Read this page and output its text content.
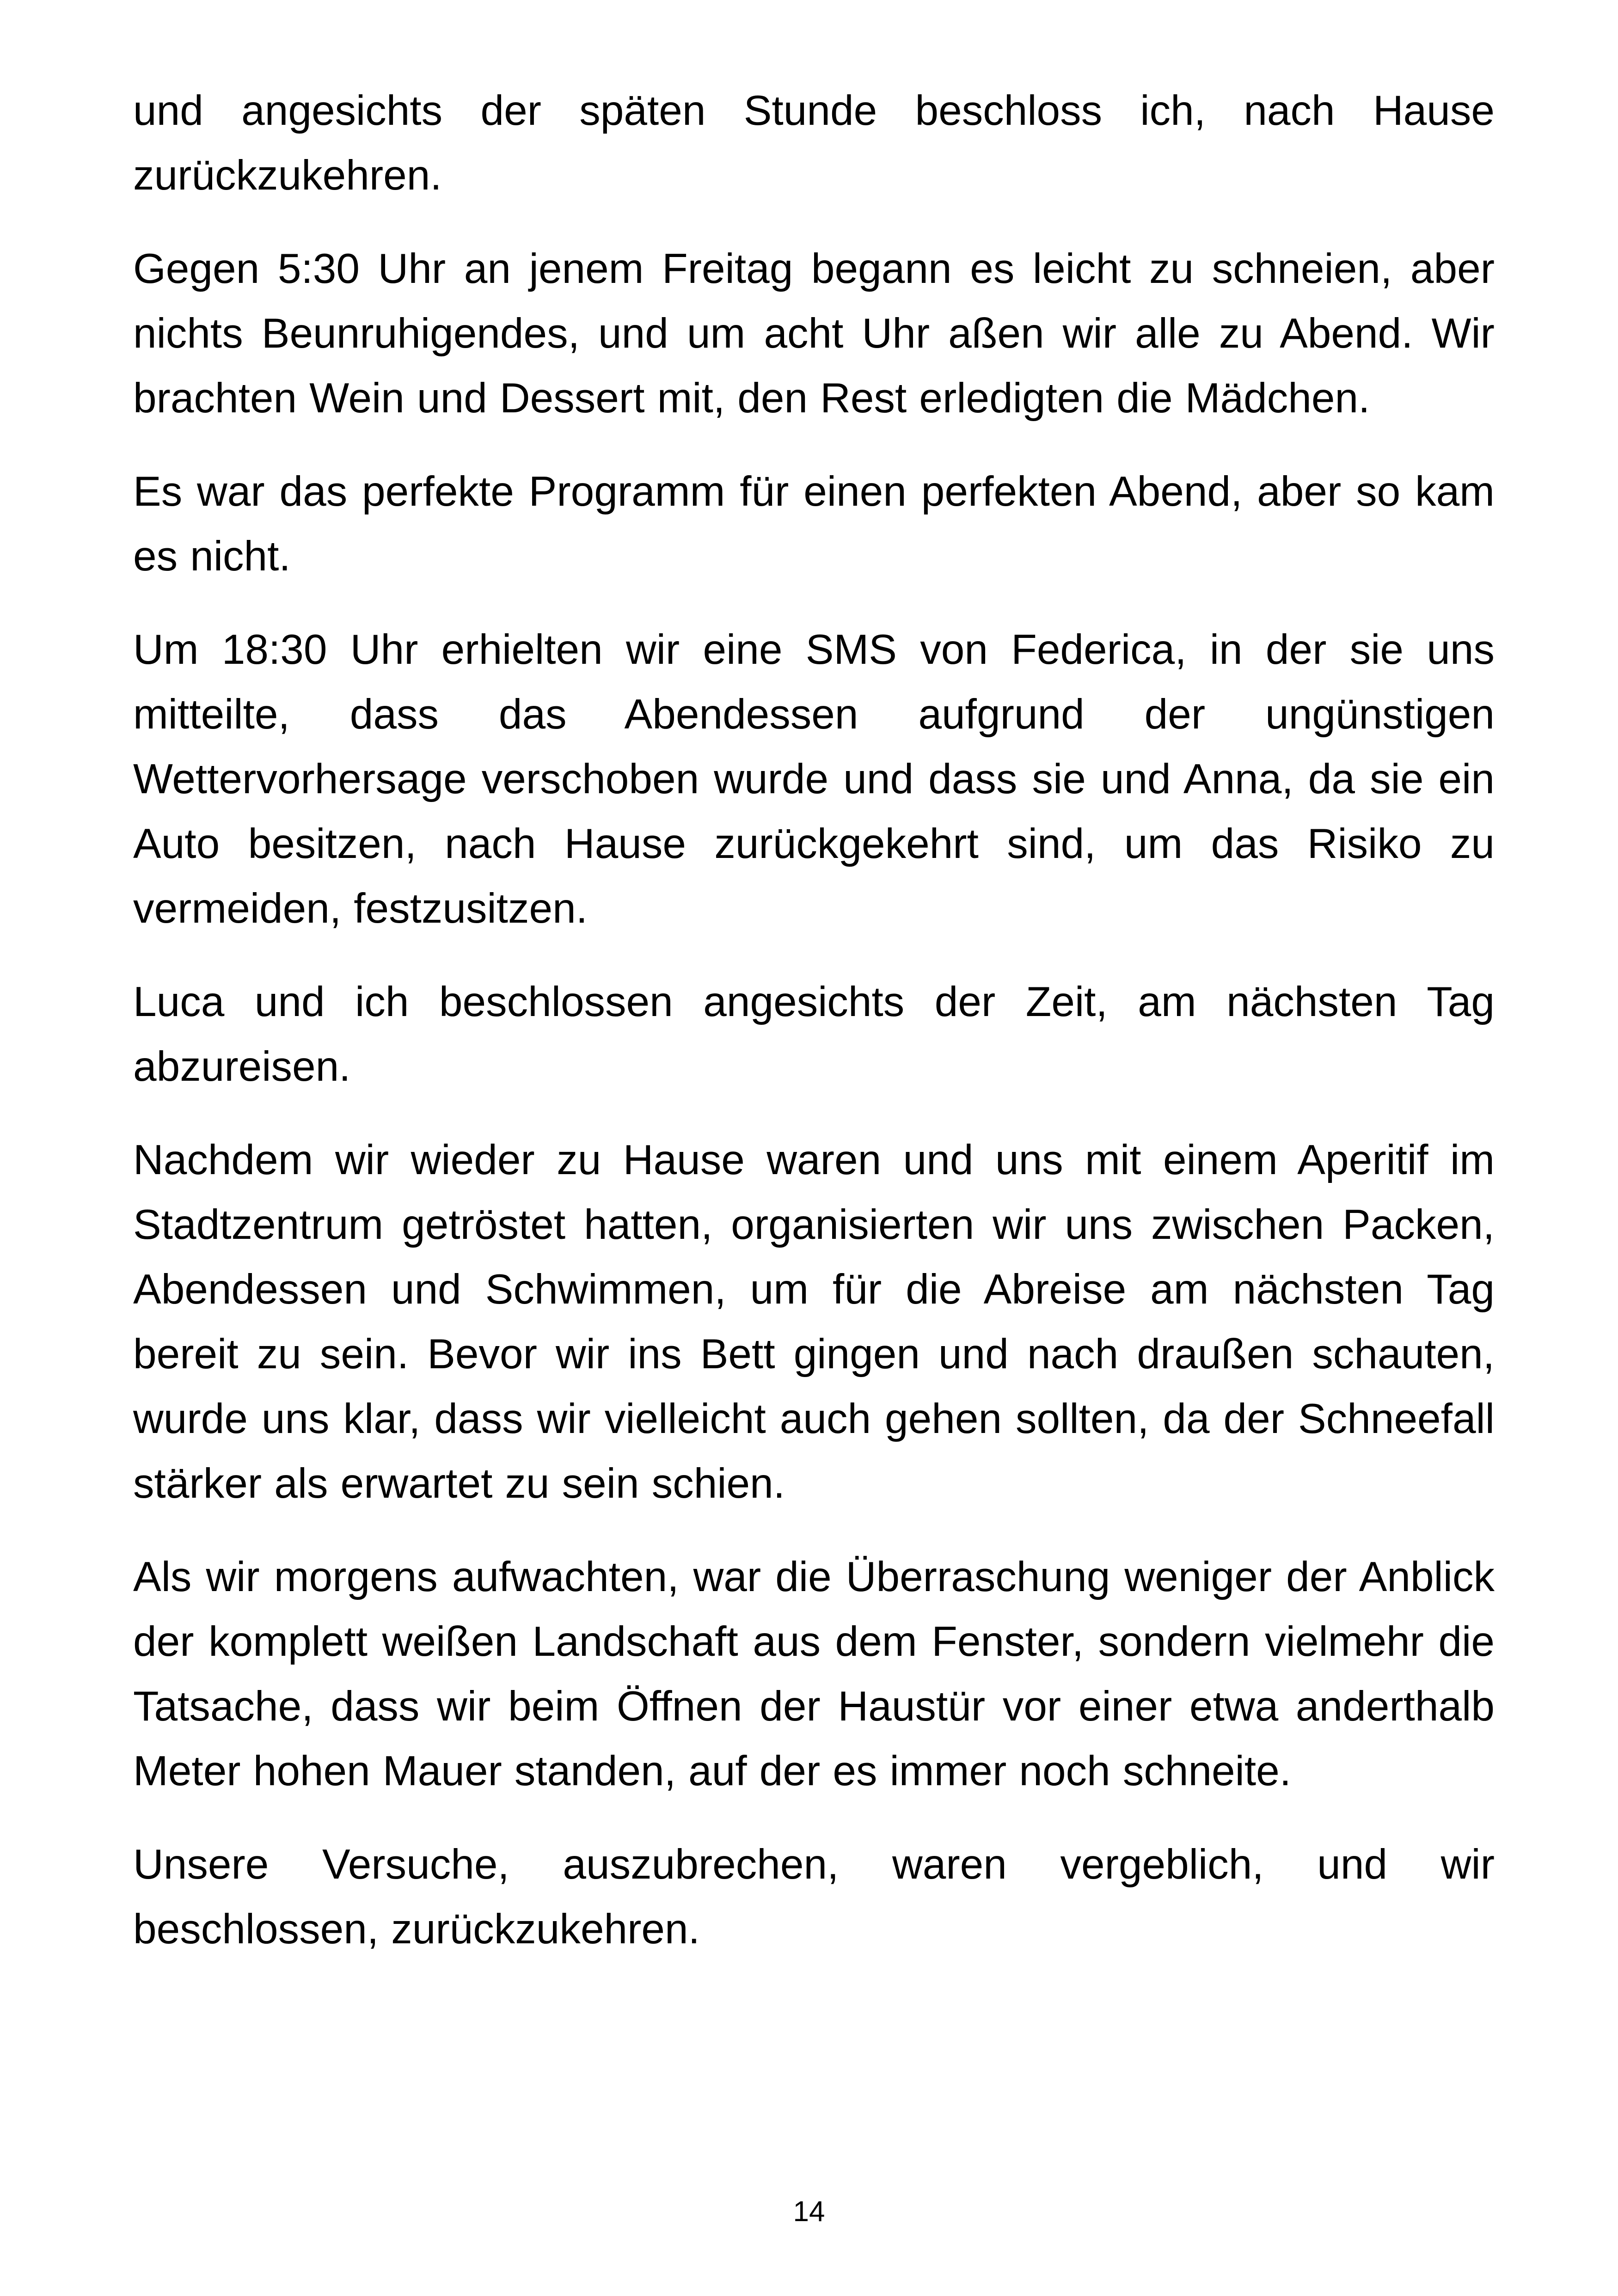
und angesichts der späten Stunde beschloss ich, nach Hause zurückzukehren.

Gegen 5:30 Uhr an jenem Freitag begann es leicht zu schneien, aber nichts Beunruhigendes, und um acht Uhr aßen wir alle zu Abend. Wir brachten Wein und Dessert mit, den Rest erledigten die Mädchen.

Es war das perfekte Programm für einen perfekten Abend, aber so kam es nicht.

Um 18:30 Uhr erhielten wir eine SMS von Federica, in der sie uns mitteilte, dass das Abendessen aufgrund der ungünstigen Wettervorhersage verschoben wurde und dass sie und Anna, da sie ein Auto besitzen, nach Hause zurückgekehrt sind, um das Risiko zu vermeiden, festzusitzen.

Luca und ich beschlossen angesichts der Zeit, am nächsten Tag abzureisen.

Nachdem wir wieder zu Hause waren und uns mit einem Aperitif im Stadtzentrum getröstet hatten, organisierten wir uns zwischen Packen, Abendessen und Schwimmen, um für die Abreise am nächsten Tag bereit zu sein. Bevor wir ins Bett gingen und nach draußen schauten, wurde uns klar, dass wir vielleicht auch gehen sollten, da der Schneefall stärker als erwartet zu sein schien.

Als wir morgens aufwachten, war die Überraschung weniger der Anblick der komplett weißen Landschaft aus dem Fenster, sondern vielmehr die Tatsache, dass wir beim Öffnen der Haustür vor einer etwa anderthalb Meter hohen Mauer standen, auf der es immer noch schneite.

Unsere Versuche, auszubrechen, waren vergeblich, und wir beschlossen, zurückzukehren.

14
